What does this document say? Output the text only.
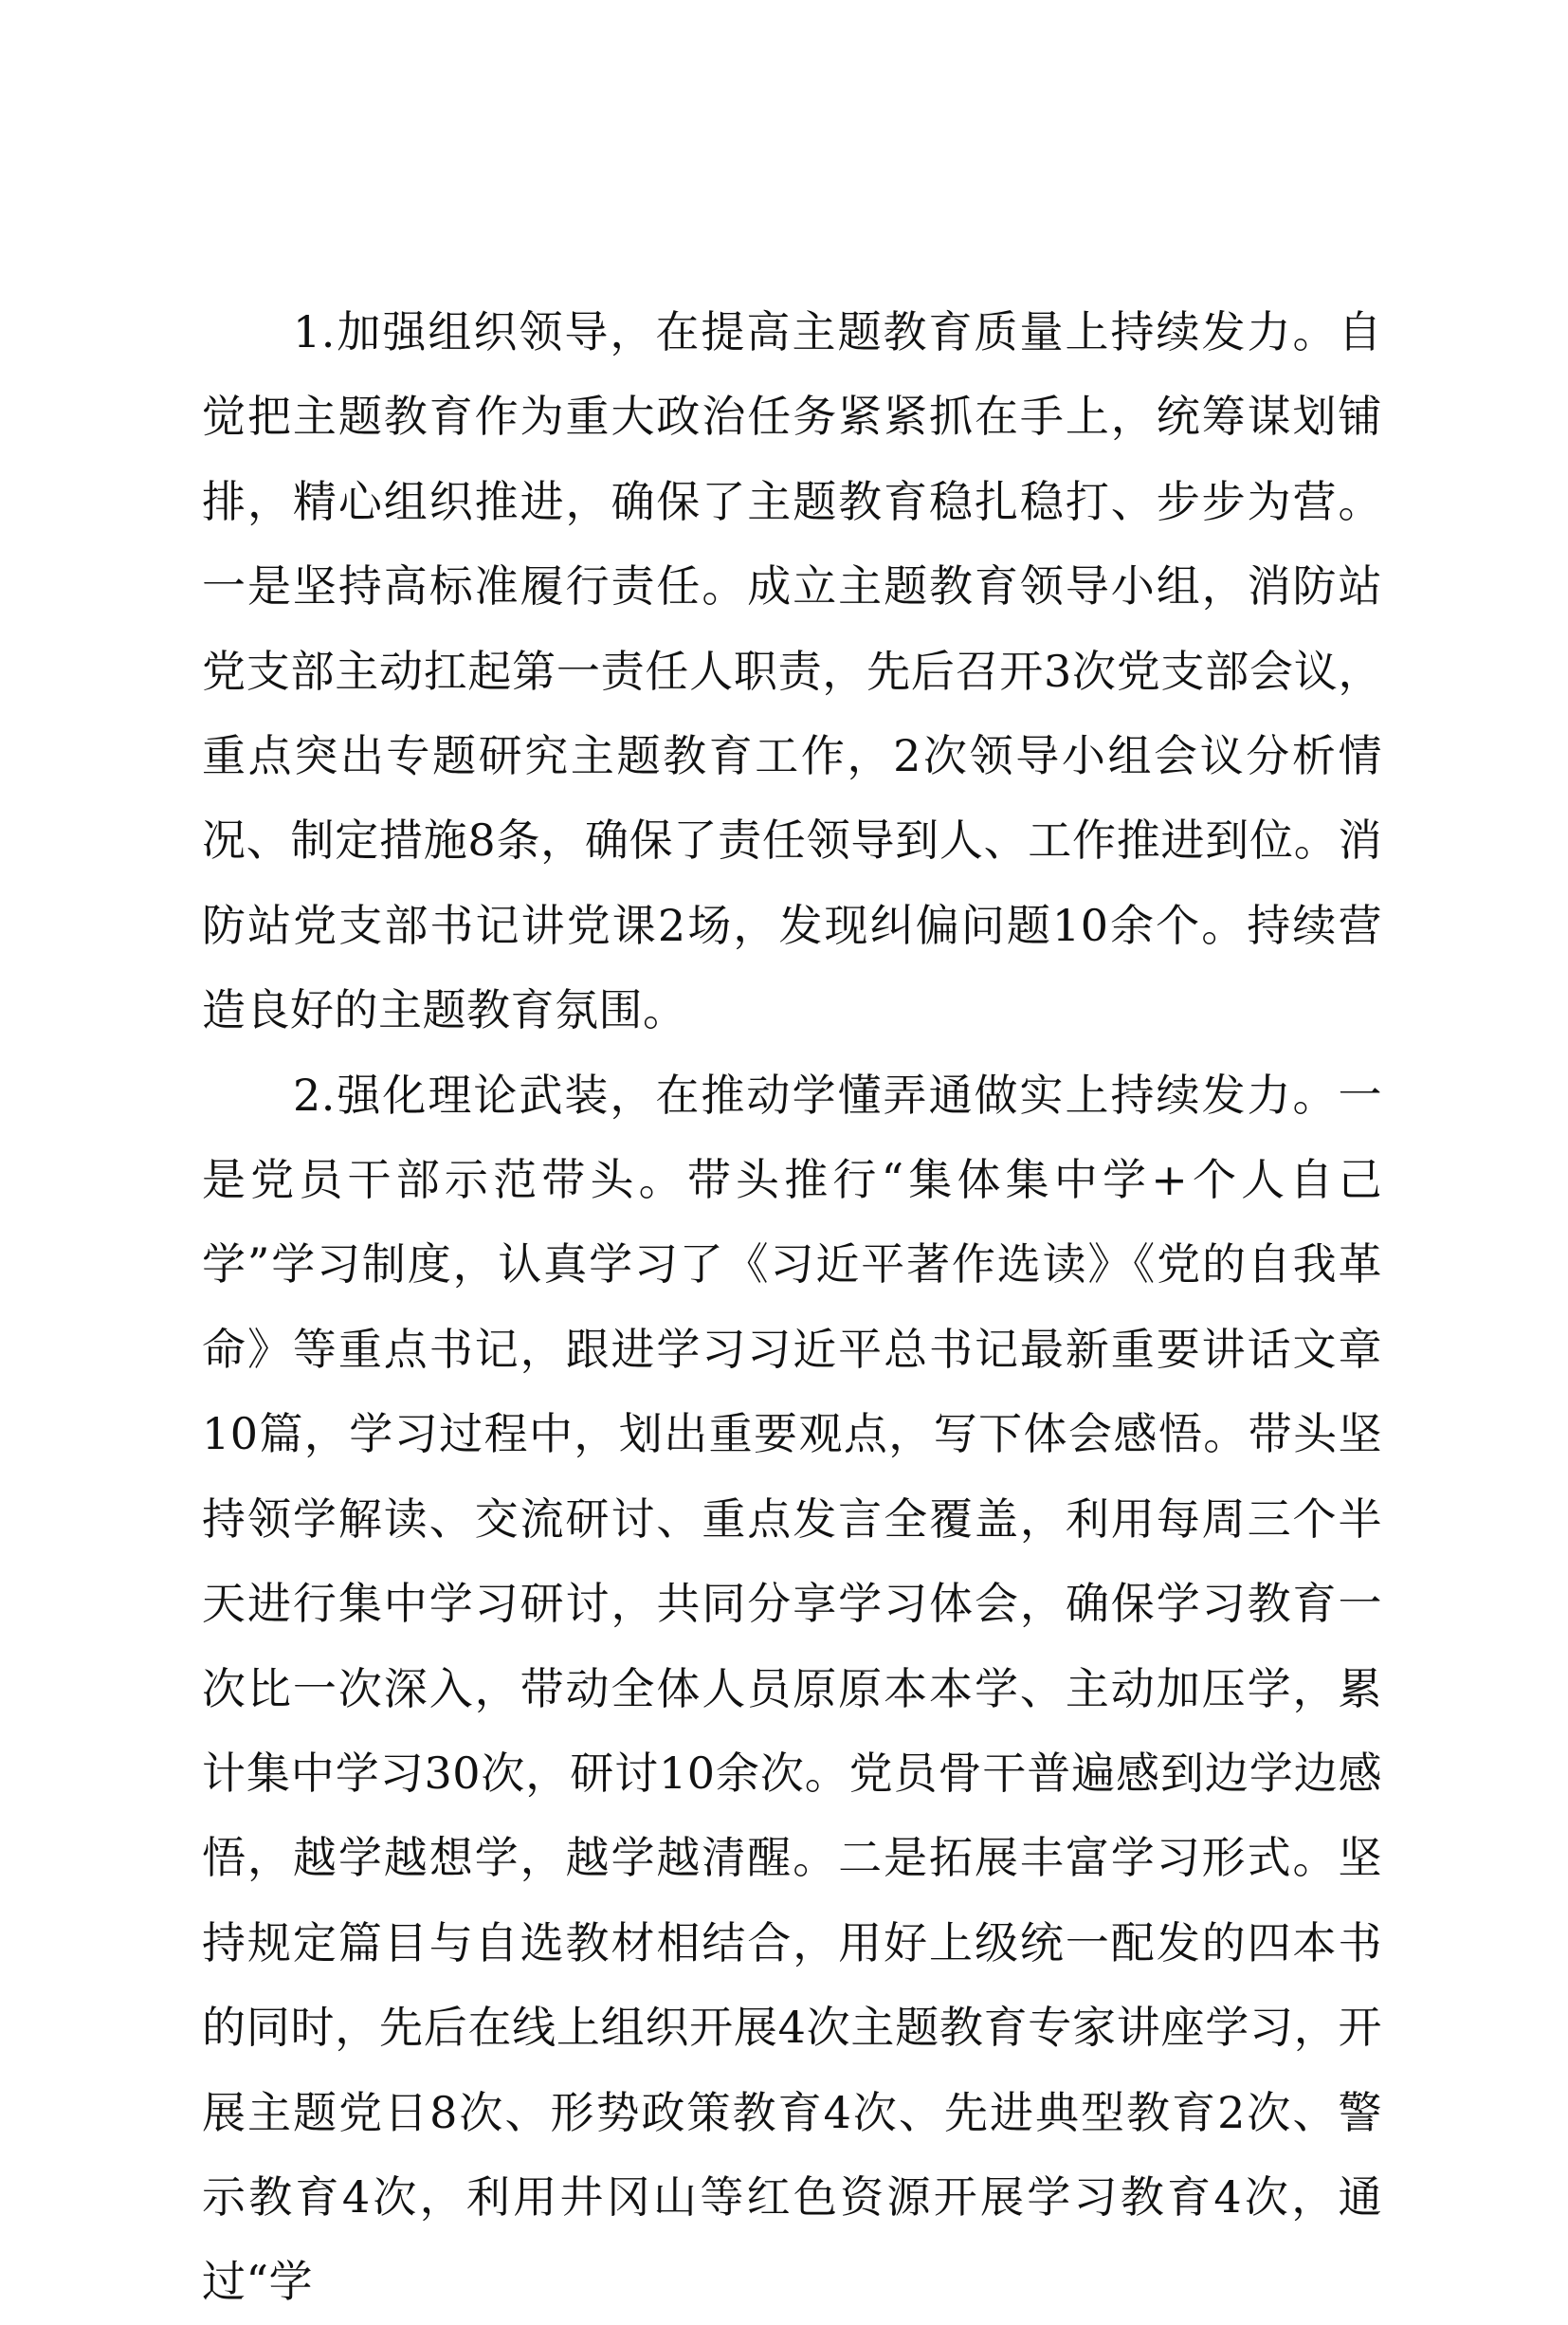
1.加强组织领导，在提高主题教育质量上持续发力。自觉把主题教育作为重大政治任务紧紧抓在手上，统筹谋划铺排，精心组织推进，确保了主题教育稳扎稳打、步步为营。一是坚持高标准履行责任。成立主题教育领导小组，消防站党支部主动扛起第一责任人职责，先后召开3次党支部会议，重点突出专题研究主题教育工作，2次领导小组会议分析情况、制定措施8条，确保了责任领导到人、工作推进到位。消防站党支部书记讲党课2场，发现纠偏问题10余个。持续营造良好的主题教育氛围。

2.强化理论武装，在推动学懂弄通做实上持续发力。一是党员干部示范带头。带头推行“集体集中学+个人自己学”学习制度，认真学习了《习近平著作选读》《党的自我革命》等重点书记，跟进学习习近平总书记最新重要讲话文章10篇，学习过程中，划出重要观点，写下体会感悟。带头坚持领学解读、交流研讨、重点发言全覆盖，利用每周三个半天进行集中学习研讨，共同分享学习体会，确保学习教育一次比一次深入，带动全体人员原原本本学、主动加压学，累计集中学习30次，研讨10余次。党员骨干普遍感到边学边感悟，越学越想学，越学越清醒。二是拓展丰富学习形式。坚持规定篇目与自选教材相结合，用好上级统一配发的四本书的同时，先后在线上组织开展4次主题教育专家讲座学习，开展主题党日8次、形势政策教育4次、先进典型教育2次、警示教育4次，利用井冈山等红色资源开展学习教育4次，通过“学
